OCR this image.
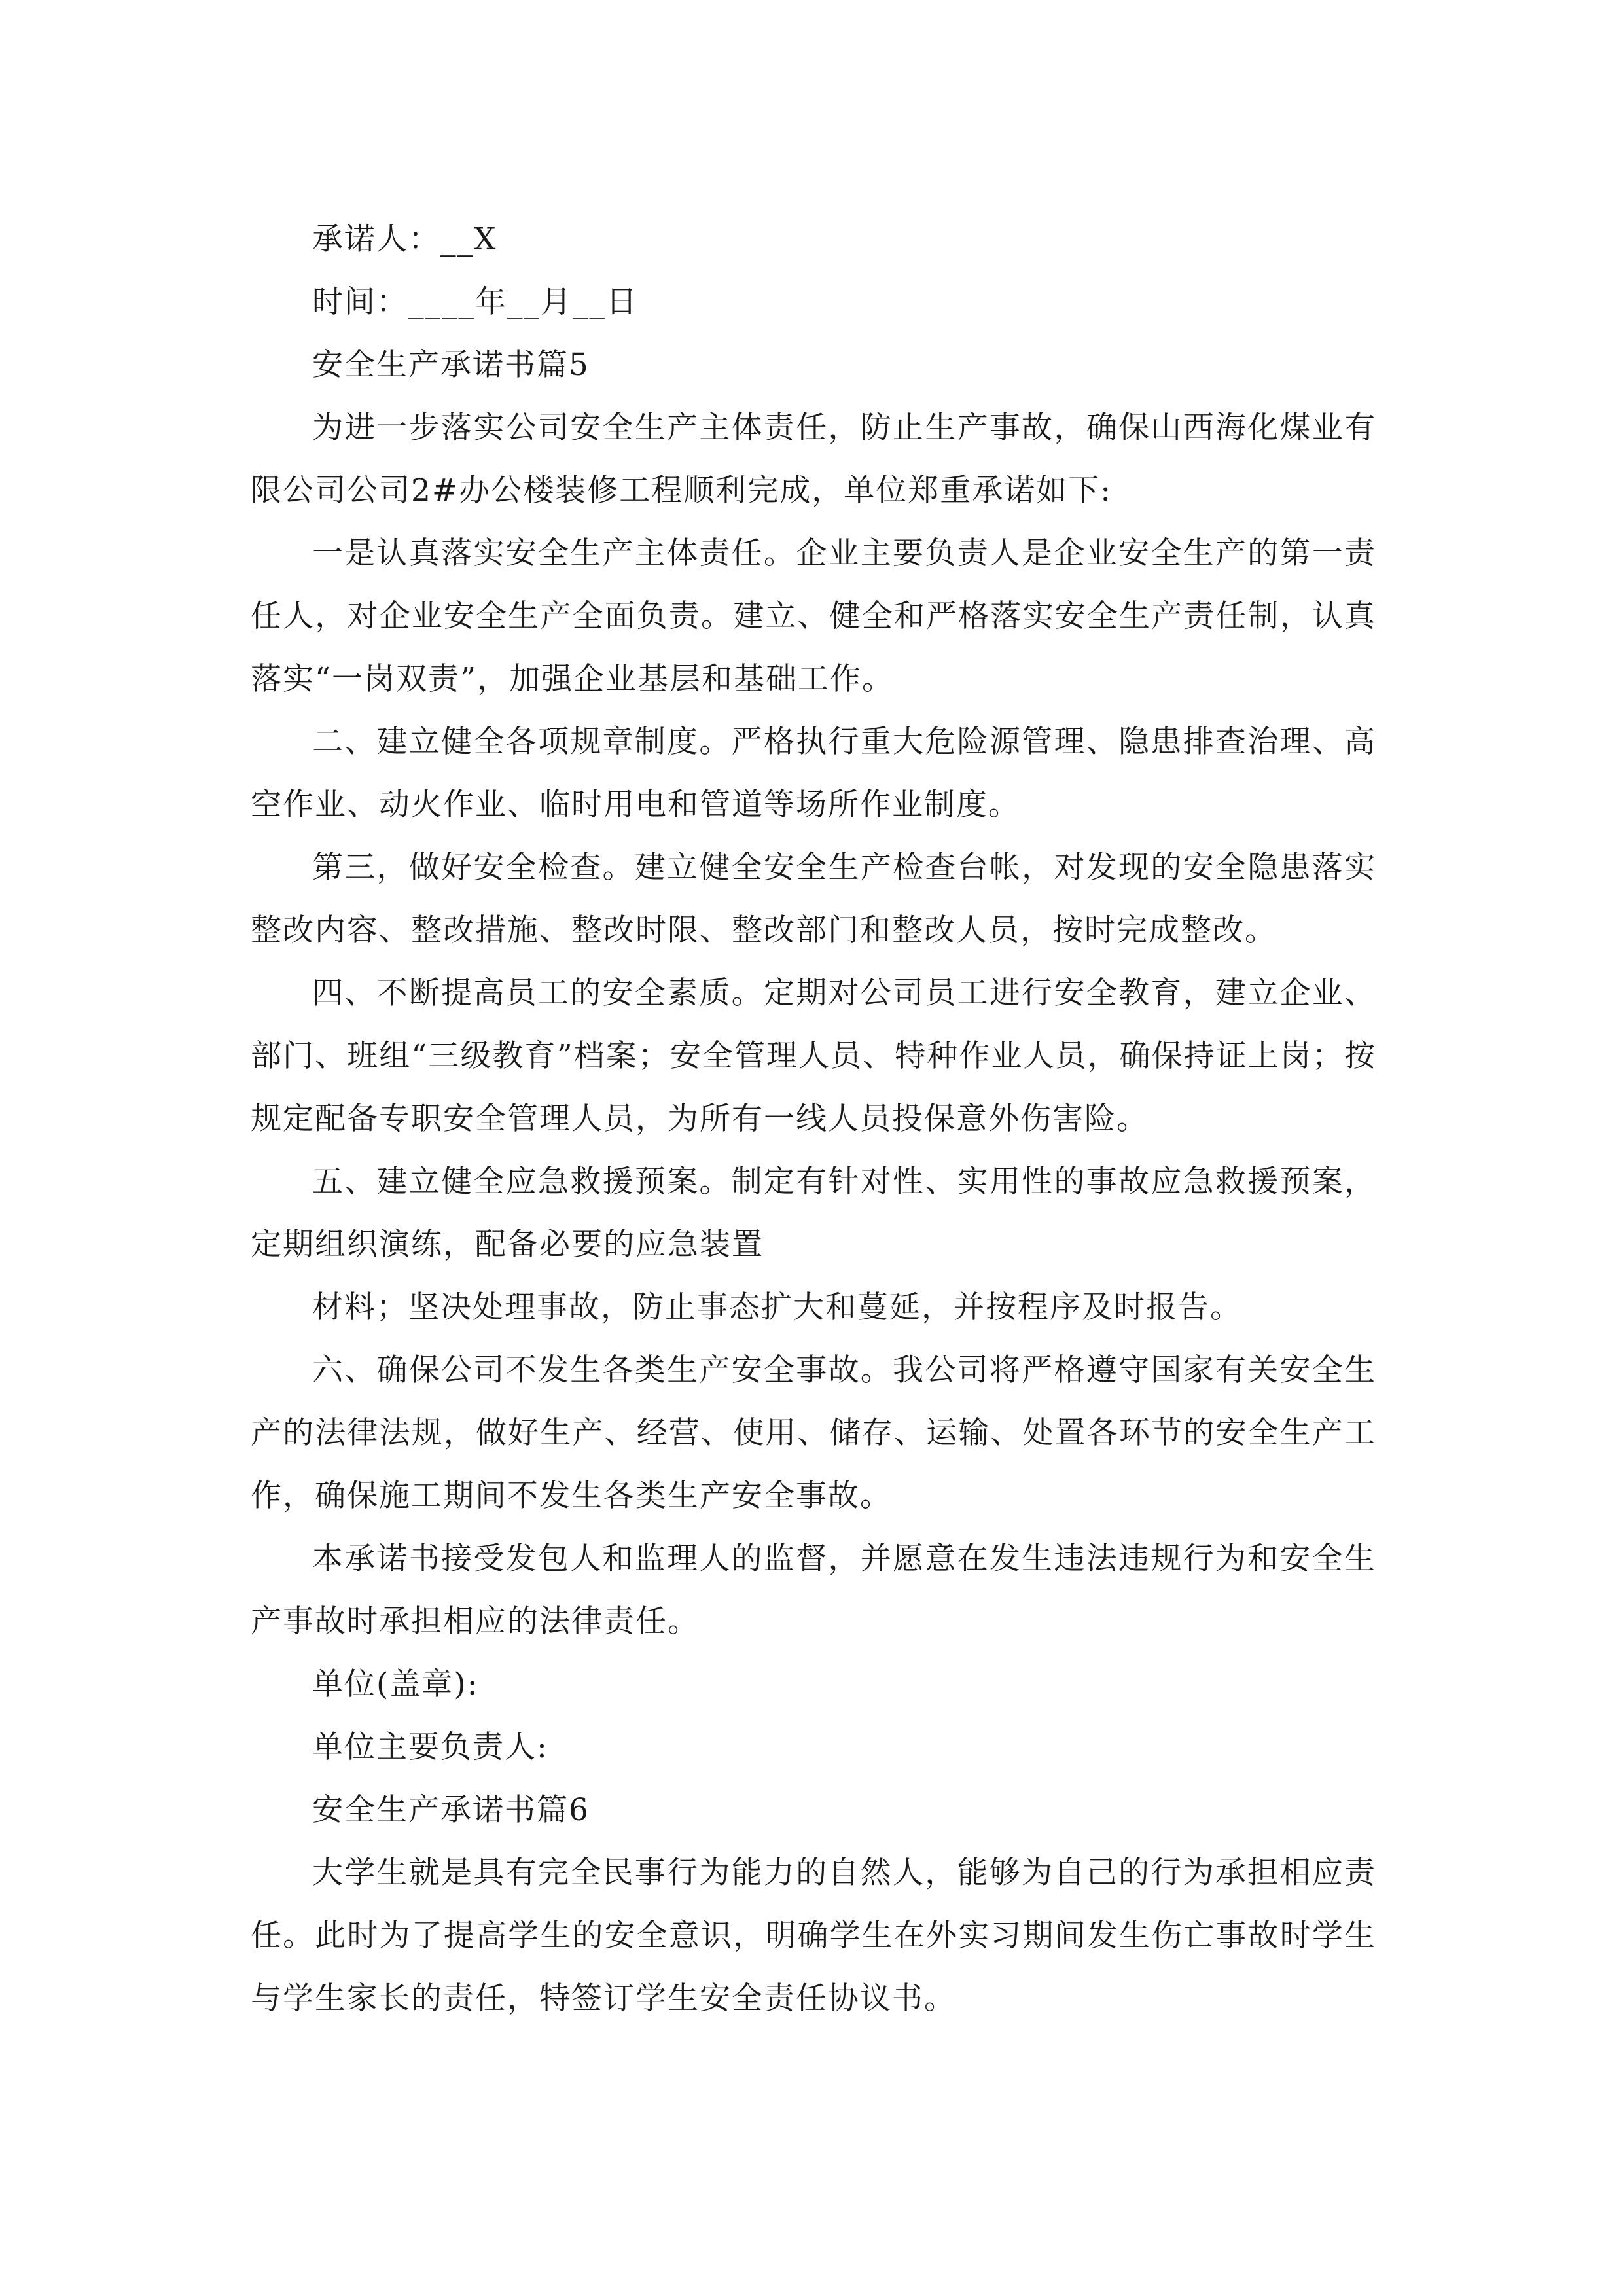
承诺人：__X

时间：____年__月__日

安全生产承诺书篇5

为进一步落实公司安全生产主体责任，防止生产事故，确保山西海化煤业有限公司公司2#办公楼装修工程顺利完成，单位郑重承诺如下:

一是认真落实安全生产主体责任。企业主要负责人是企业安全生产的第一责任人，对企业安全生产全面负责。建立、健全和严格落实安全生产责任制，认真落实“一岗双责”，加强企业基层和基础工作。

二、建立健全各项规章制度。严格执行重大危险源管理、隐患排查治理、高空作业、动火作业、临时用电和管道等场所作业制度。

第三，做好安全检查。建立健全安全生产检查台帐，对发现的安全隐患落实整改内容、整改措施、整改时限、整改部门和整改人员，按时完成整改。

四、不断提高员工的安全素质。定期对公司员工进行安全教育，建立企业、部门、班组“三级教育”档案；安全管理人员、特种作业人员，确保持证上岗；按规定配备专职安全管理人员，为所有一线人员投保意外伤害险。

五、建立健全应急救援预案。制定有针对性、实用性的事故应急救援预案，定期组织演练，配备必要的应急装置

材料；坚决处理事故，防止事态扩大和蔓延，并按程序及时报告。

六、确保公司不发生各类生产安全事故。我公司将严格遵守国家有关安全生产的法律法规，做好生产、经营、使用、储存、运输、处置各环节的安全生产工作，确保施工期间不发生各类生产安全事故。

本承诺书接受发包人和监理人的监督，并愿意在发生违法违规行为和安全生产事故时承担相应的法律责任。

单位(盖章):

单位主要负责人:

安全生产承诺书篇6

大学生就是具有完全民事行为能力的自然人，能够为自己的行为承担相应责任。此时为了提高学生的安全意识，明确学生在外实习期间发生伤亡事故时学生与学生家长的责任，特签订学生安全责任协议书。
